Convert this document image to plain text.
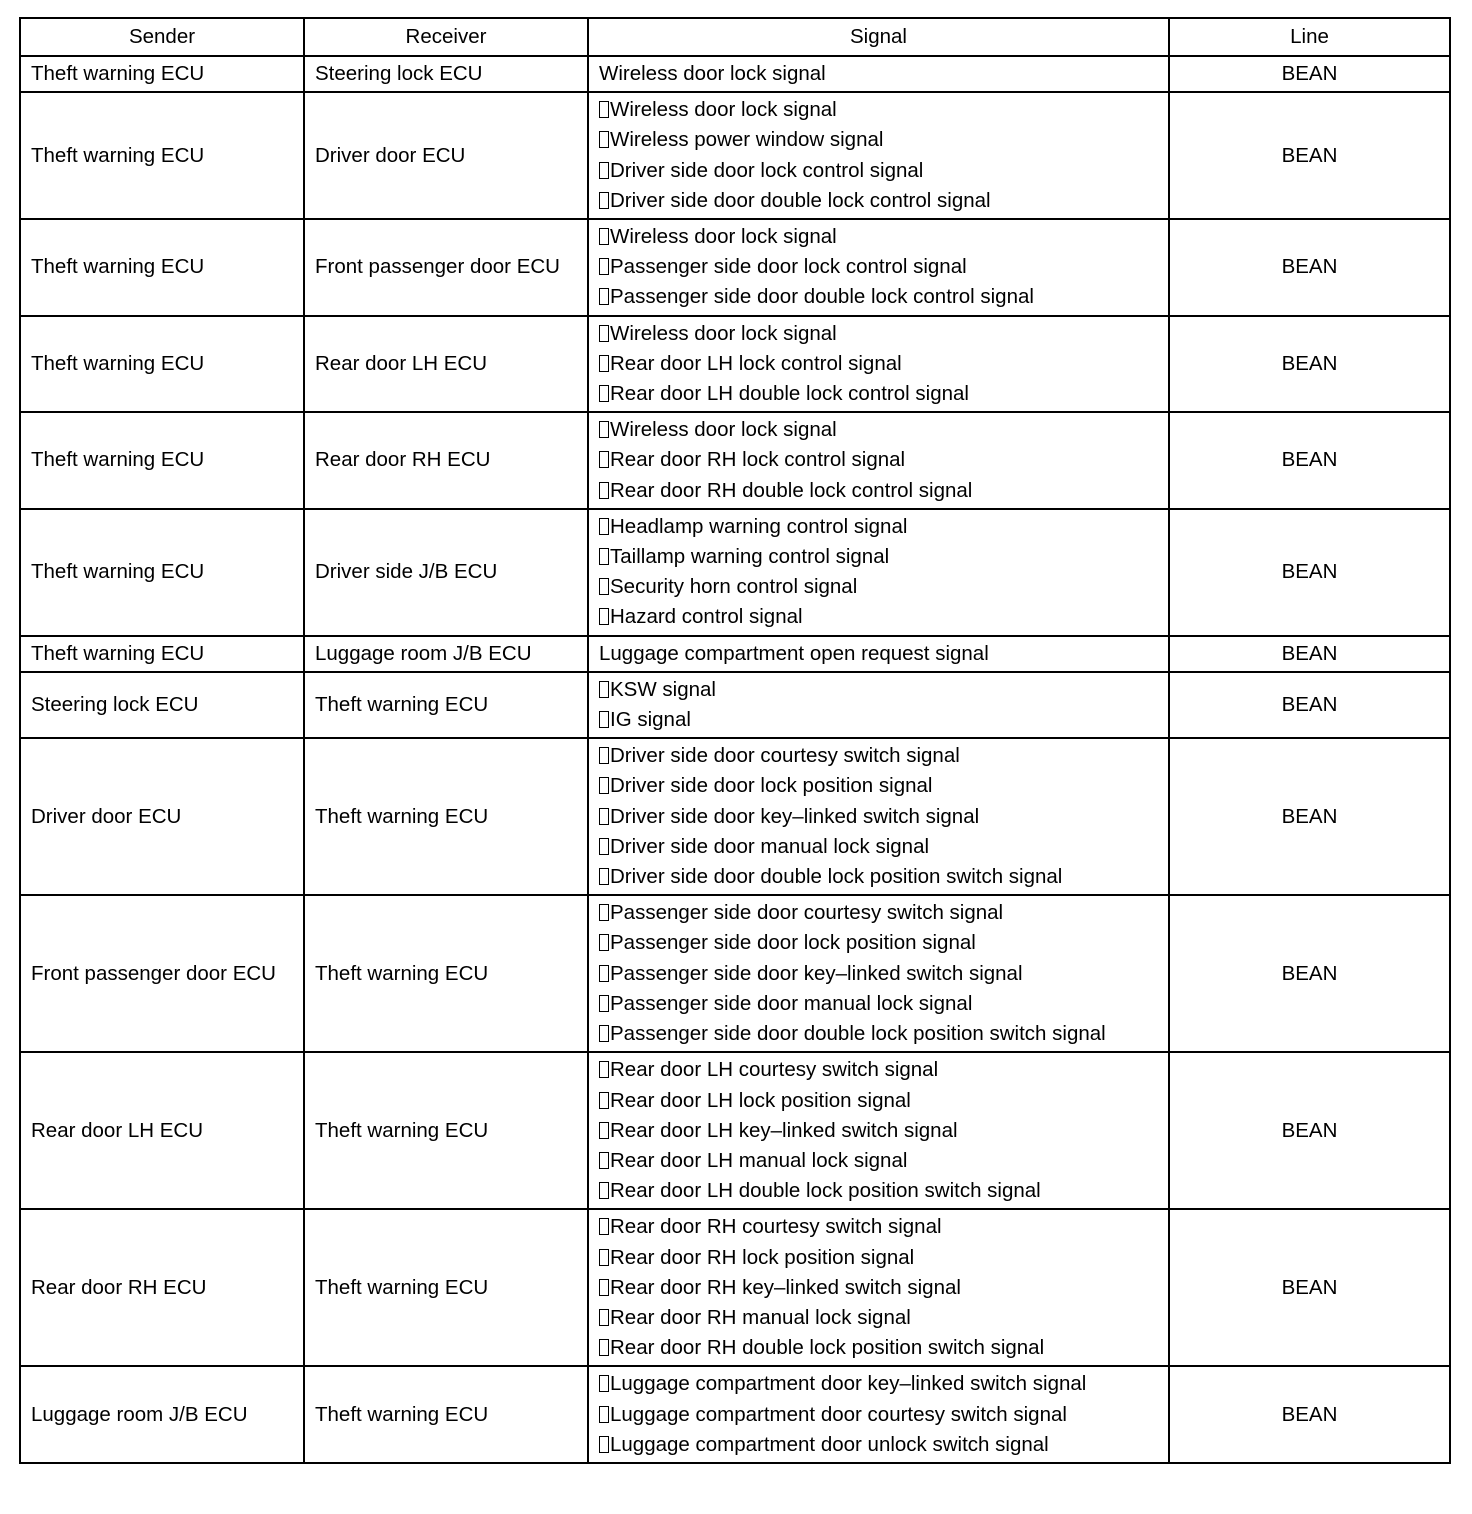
Sender	Receiver	Signal	Line
Theft warning ECU	Steering lock ECU	Wireless door lock signal	BEAN
Theft warning ECU	Driver door ECU	Wireless door lock signal
Wireless power window signal
Driver side door lock control signal
Driver side door double lock control signal	BEAN
Theft warning ECU	Front passenger door ECU	Wireless door lock signal
Passenger side door lock control signal
Passenger side door double lock control signal	BEAN
Theft warning ECU	Rear door LH ECU	Wireless door lock signal
Rear door LH lock control signal
Rear door LH double lock control signal	BEAN
Theft warning ECU	Rear door RH ECU	Wireless door lock signal
Rear door RH lock control signal
Rear door RH double lock control signal	BEAN
Theft warning ECU	Driver side J/B ECU	Headlamp warning control signal
Taillamp warning control signal
Security horn control signal
Hazard control signal	BEAN
Theft warning ECU	Luggage room J/B ECU	Luggage compartment open request signal	BEAN
Steering lock ECU	Theft warning ECU	KSW signal
IG signal	BEAN
Driver door ECU	Theft warning ECU	Driver side door courtesy switch signal
Driver side door lock position signal
Driver side door key–linked switch signal
Driver side door manual lock signal
Driver side door double lock position switch signal	BEAN
Front passenger door ECU	Theft warning ECU	Passenger side door courtesy switch signal
Passenger side door lock position signal
Passenger side door key–linked switch signal
Passenger side door manual lock signal
Passenger side door double lock position switch signal	BEAN
Rear door LH ECU	Theft warning ECU	Rear door LH courtesy switch signal
Rear door LH lock position signal
Rear door LH key–linked switch signal
Rear door LH manual lock signal
Rear door LH double lock position switch signal	BEAN
Rear door RH ECU	Theft warning ECU	Rear door RH courtesy switch signal
Rear door RH lock position signal
Rear door RH key–linked switch signal
Rear door RH manual lock signal
Rear door RH double lock position switch signal	BEAN
Luggage room J/B ECU	Theft warning ECU	Luggage compartment door key–linked switch signal
Luggage compartment door courtesy switch signal
Luggage compartment door unlock switch signal	BEAN
